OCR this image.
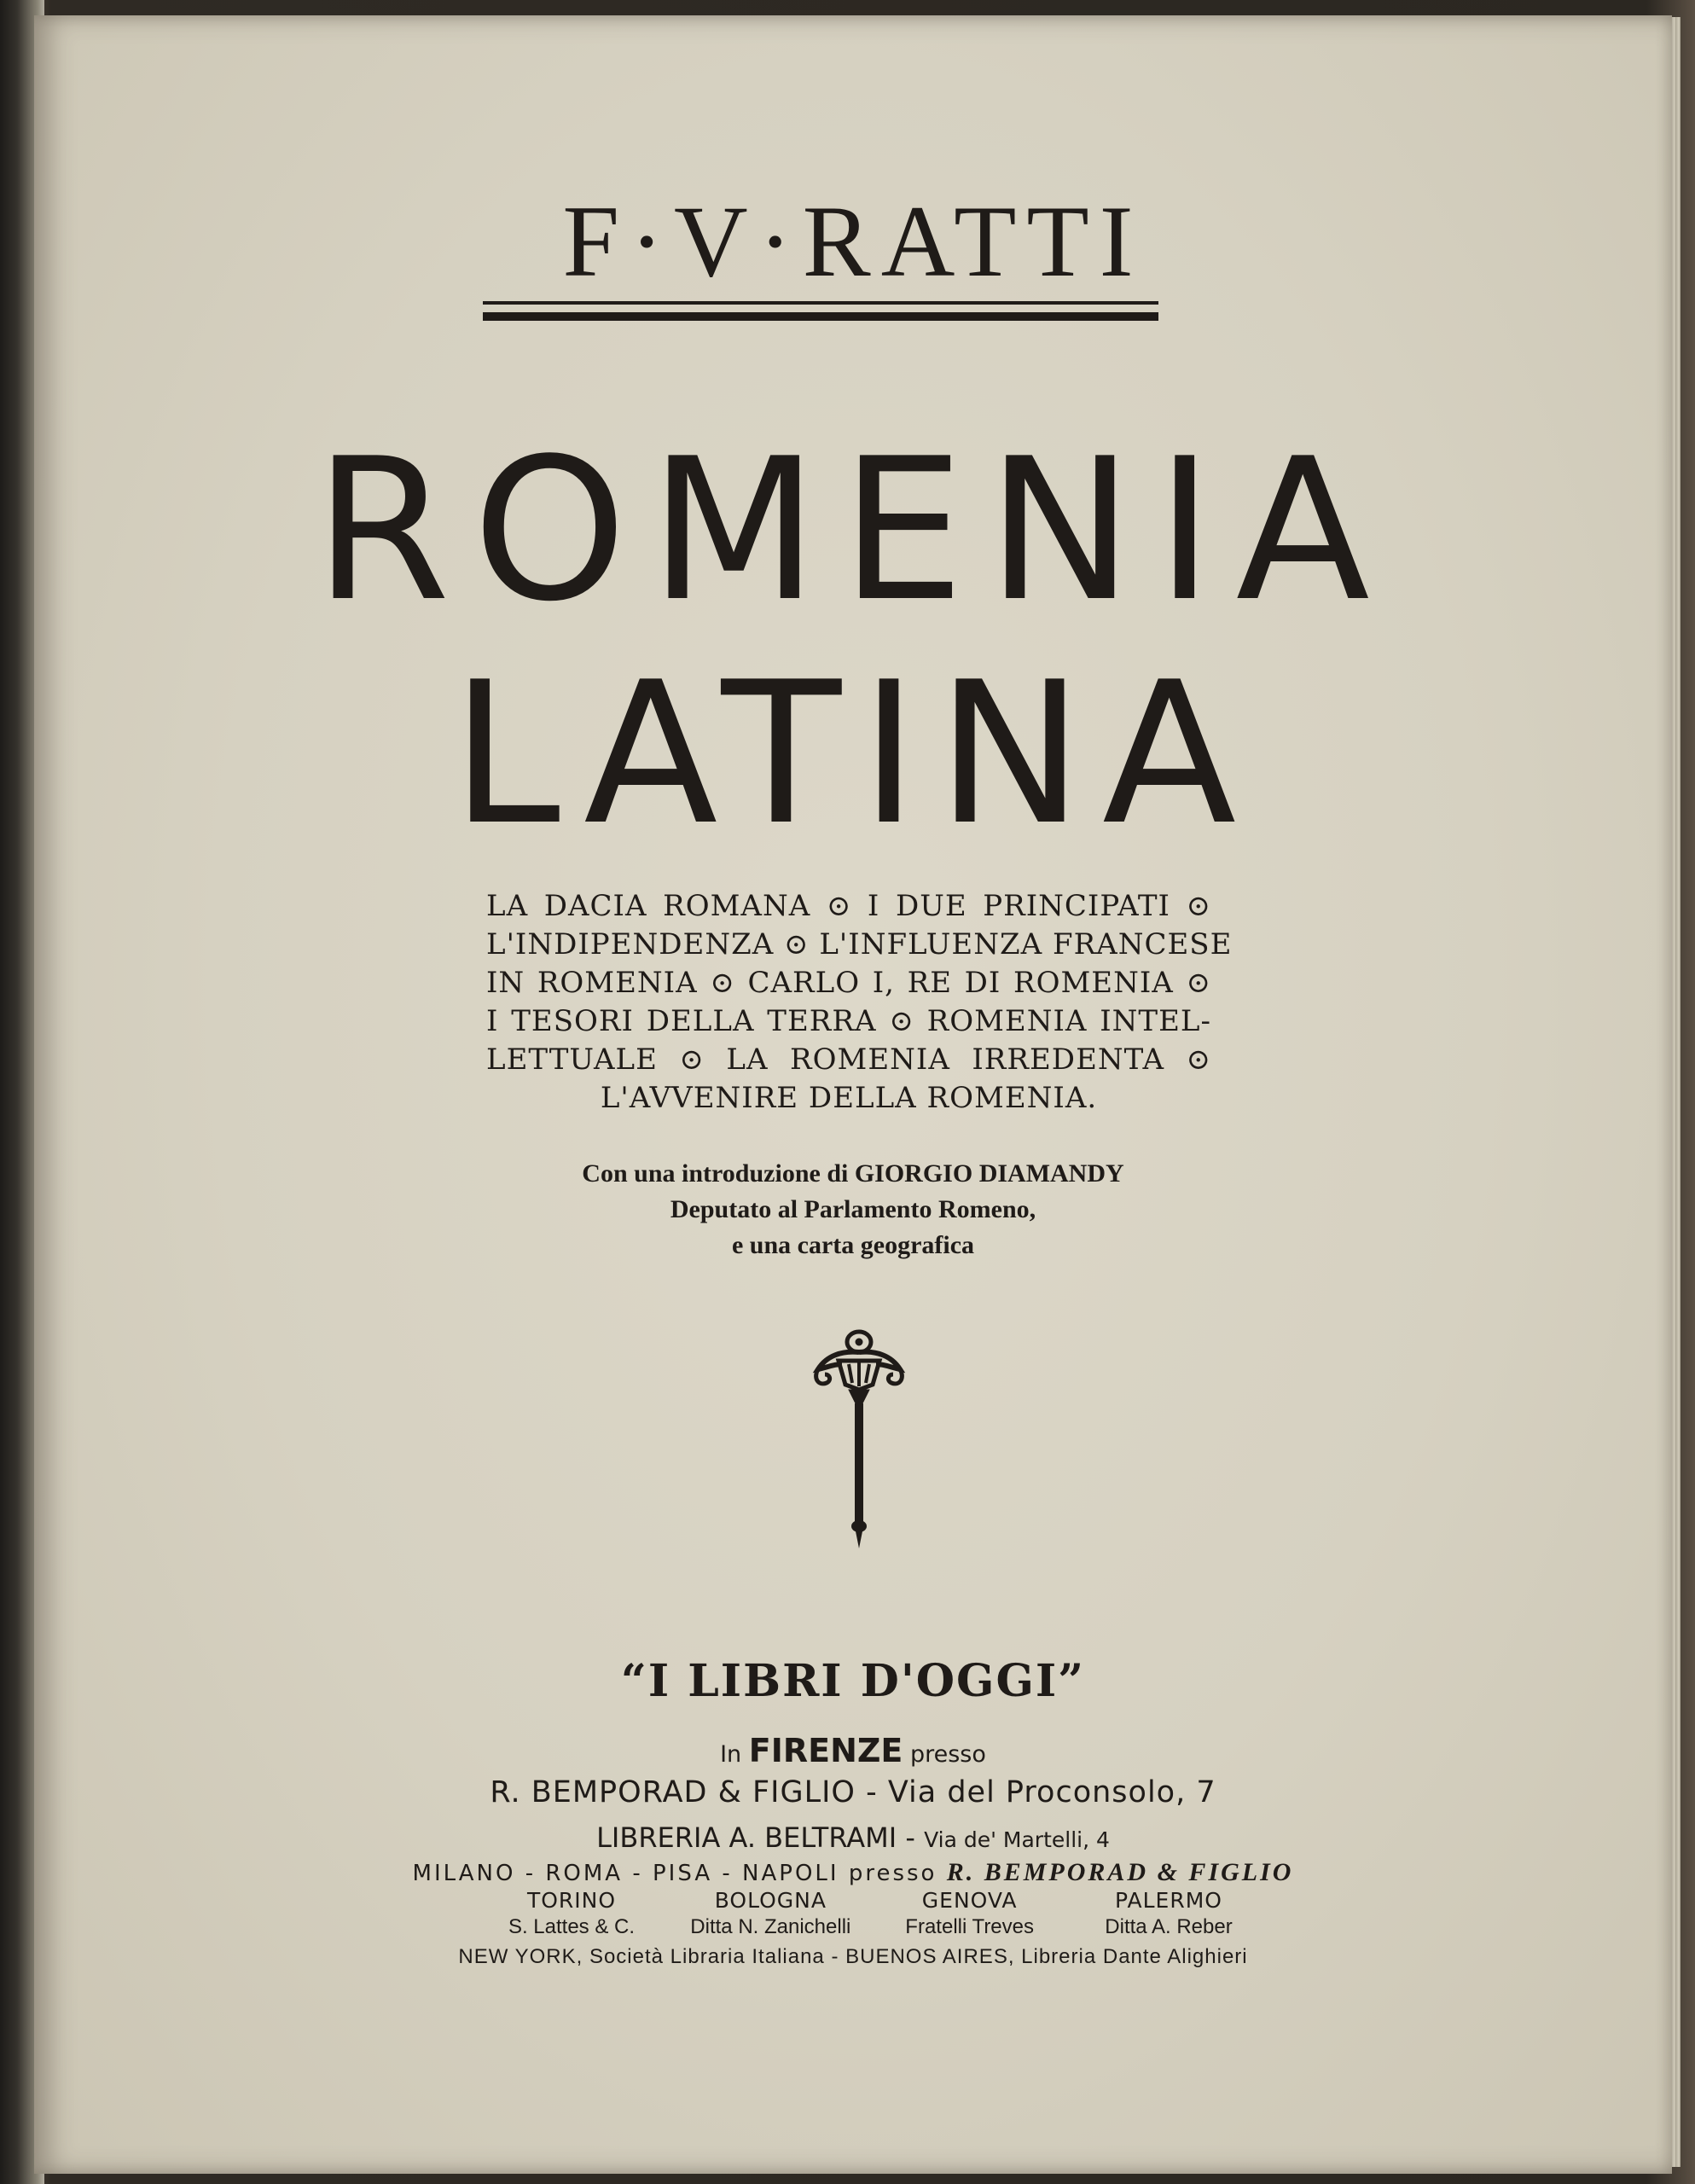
F·V·RATTI
ROMENIA
LATINA
LA DACIA ROMANA ⊙ I DUE PRINCIPATI ⊙
L'INDIPENDENZA ⊙ L'INFLUENZA FRANCESE
IN ROMENIA ⊙ CARLO I, RE DI ROMENIA ⊙
I TESORI DELLA TERRA ⊙ ROMENIA INTEL-
LETTUALE ⊙ LA ROMENIA IRREDENTA ⊙
L'AVVENIRE DELLA ROMENIA.
Con una introduzione di GIORGIO DIAMANDY
Deputato al Parlamento Romeno,
e una carta geografica
“I LIBRI D'OGGI”
In FIRENZE presso
R. BEMPORAD & FIGLIO - Via del Proconsolo, 7
LIBRERIA A. BELTRAMI - Via de' Martelli, 4
MILANO - ROMA - PISA - NAPOLI presso R. BEMPORAD & FIGLIO
TORINO
S. Lattes & C.
BOLOGNA
Ditta N. Zanichelli
GENOVA
Fratelli Treves
PALERMO
Ditta A. Reber
NEW YORK, Società Libraria Italiana - BUENOS AIRES, Libreria Dante Alighieri
